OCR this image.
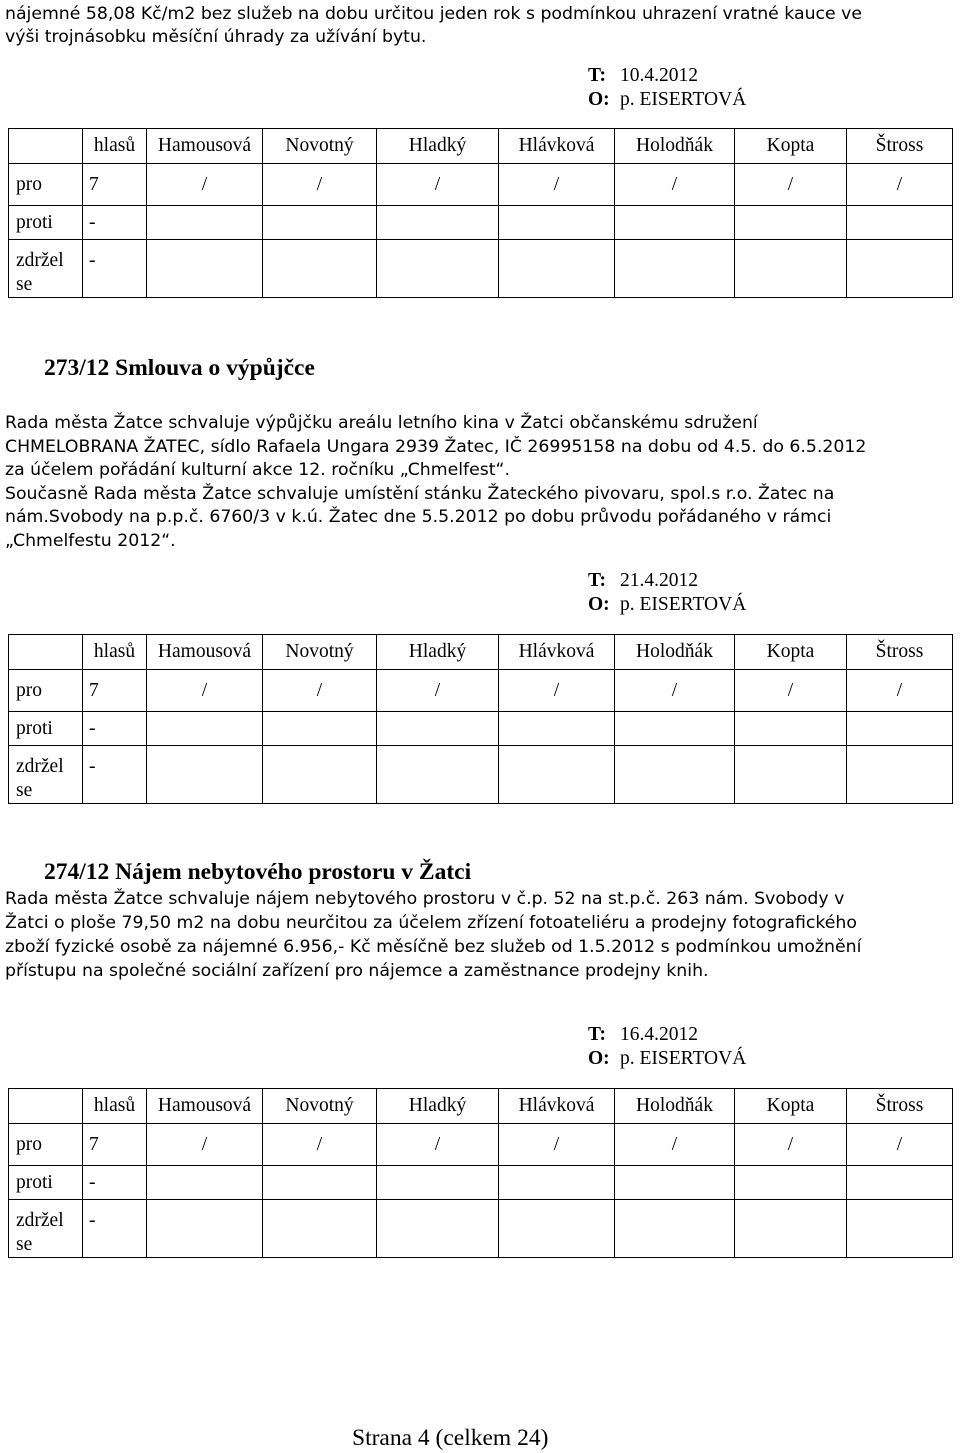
nájemné 58,08 Kč/m2 bez služeb na dobu určitou jeden rok s podmínkou uhrazení vratné kauce ve
výši trojnásobku měsíční úhrady za užívání bytu.
T: 10.4.2012
O: p. EISERTOVÁ
	hlasů	Hamousová	Novotný	Hladký	Hlávková	Holodňák	Kopta	Štross
pro	7	/	/	/	/	/	/	/
proti	-							
zdržel
se	-							
273/12 Smlouva o výpůjčce
Rada města Žatce schvaluje výpůjčku areálu letního kina v Žatci občanskému sdružení
CHMELOBRANA ŽATEC, sídlo Rafaela Ungara 2939 Žatec, IČ 26995158 na dobu od 4.5. do 6.5.2012
za účelem pořádání kulturní akce 12. ročníku „Chmelfest“.
Současně Rada města Žatce schvaluje umístění stánku Žateckého pivovaru, spol.s r.o. Žatec na
nám.Svobody na p.p.č. 6760/3 v k.ú. Žatec dne 5.5.2012 po dobu průvodu pořádaného v rámci
„Chmelfestu 2012“.
T: 21.4.2012
O: p. EISERTOVÁ
	hlasů	Hamousová	Novotný	Hladký	Hlávková	Holodňák	Kopta	Štross
pro	7	/	/	/	/	/	/	/
proti	-							
zdržel
se	-							
274/12 Nájem nebytového prostoru v Žatci
Rada města Žatce schvaluje nájem nebytového prostoru v č.p. 52 na st.p.č. 263 nám. Svobody v
Žatci o ploše 79,50 m2 na dobu neurčitou za účelem zřízení fotoateliéru a prodejny fotografického
zboží fyzické osobě za nájemné 6.956,- Kč měsíčně bez služeb od 1.5.2012 s podmínkou umožnění
přístupu na společné sociální zařízení pro nájemce a zaměstnance prodejny knih.
T: 16.4.2012
O: p. EISERTOVÁ
	hlasů	Hamousová	Novotný	Hladký	Hlávková	Holodňák	Kopta	Štross
pro	7	/	/	/	/	/	/	/
proti	-							
zdržel
se	-							
Strana 4 (celkem 24)
